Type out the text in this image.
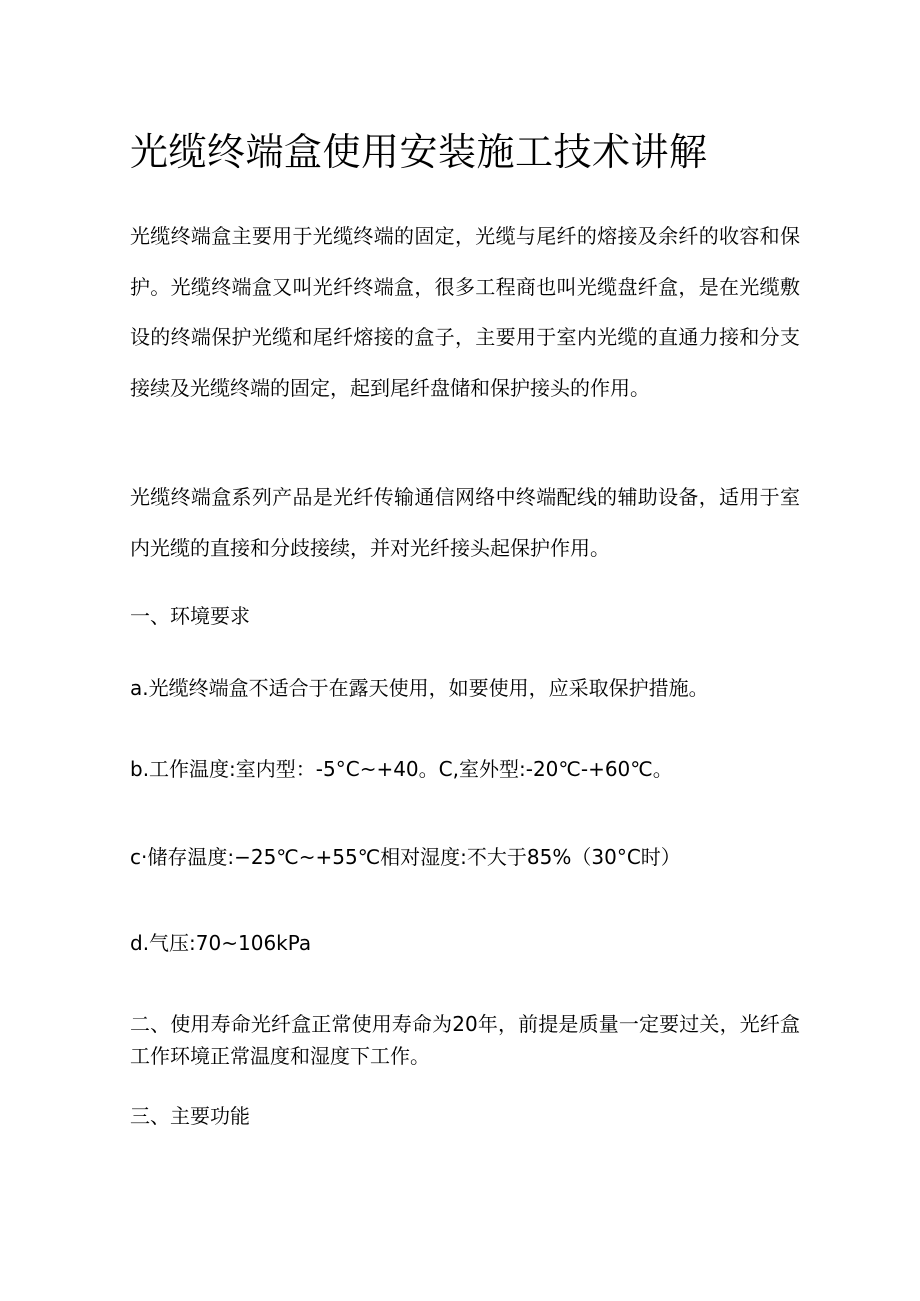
光缆终端盒使用安装施工技术讲解

光缆终端盒主要用于光缆终端的固定，光缆与尾纤的熔接及余纤的收容和保护。光缆终端盒又叫光纤终端盒，很多工程商也叫光缆盘纤盒，是在光缆敷设的终端保护光缆和尾纤熔接的盒子，主要用于室内光缆的直通力接和分支接续及光缆终端的固定，起到尾纤盘储和保护接头的作用。

光缆终端盒系列产品是光纤传输通信网络中终端配线的辅助设备，适用于室内光缆的直接和分歧接续，并对光纤接头起保护作用。

一、环境要求

a.光缆终端盒不适合于在露天使用，如要使用，应采取保护措施。

b.工作温度:室内型：-5°C~+40。C,室外型:-20℃-+60℃。

c·储存温度:−25℃~+55℃相对湿度:不大于85%（30°C时）

d.气压:70~106kPa

二、使用寿命光纤盒正常使用寿命为20年，前提是质量一定要过关，光纤盒工作环境正常温度和湿度下工作。

三、主要功能
